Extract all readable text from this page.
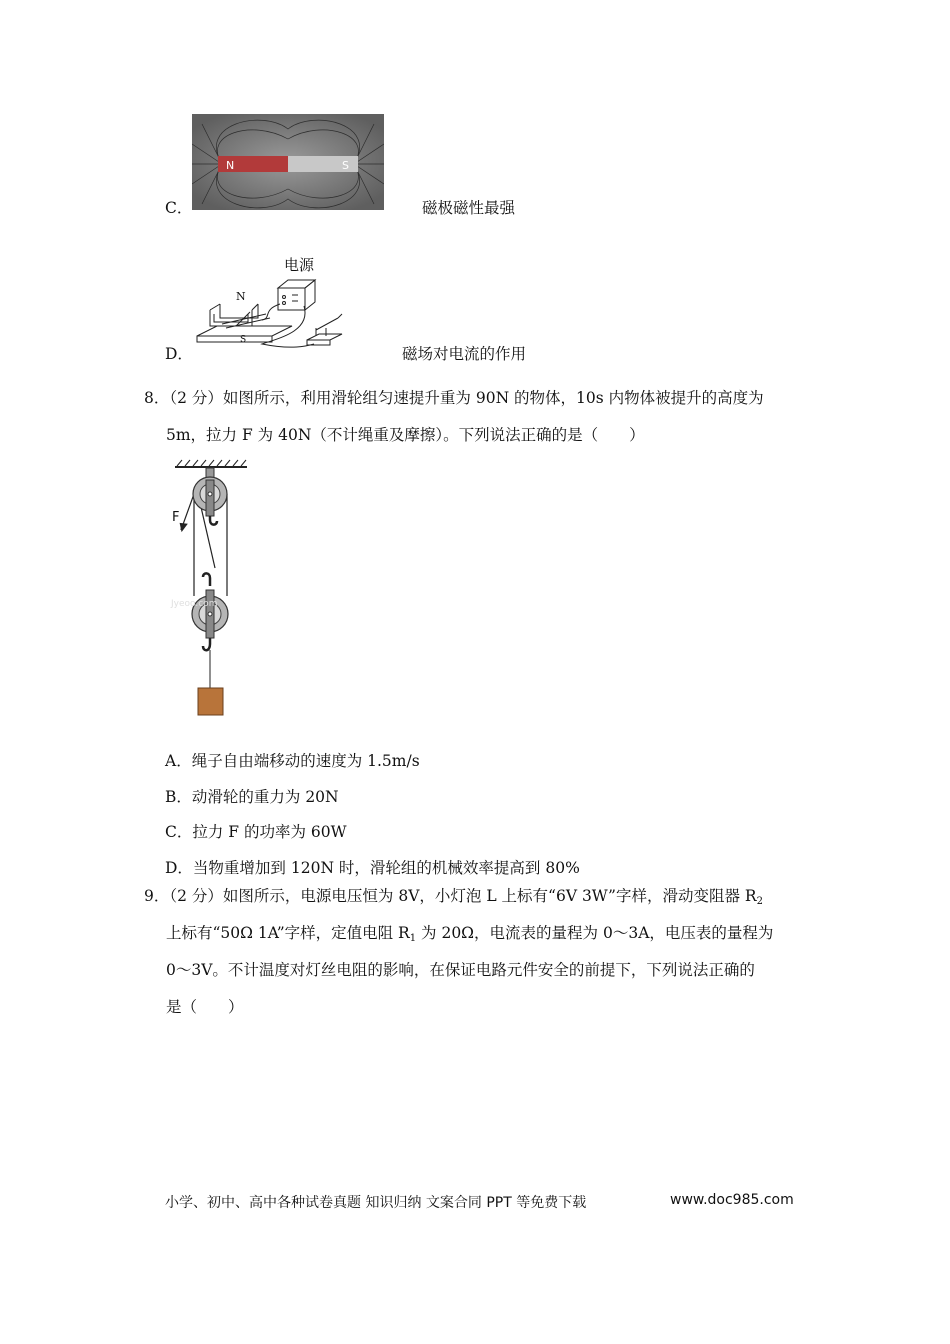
C．
N	S
磁极磁性最强
D．
电源
N
S
磁场对电流的作用
8．（2 分）如图所示，利用滑轮组匀速提升重为 90N 的物体，10s 内物体被提升的高度为
5m，拉力 F 为 40N（不计绳重及摩擦）。下列说法正确的是（　　）
F
Jyeoo.com
A．绳子自由端移动的速度为 1.5m/s
B．动滑轮的重力为 20N
C．拉力 F 的功率为 60W
D．当物重增加到 120N 时，滑轮组的机械效率提高到 80%
9．（2 分）如图所示，电源电压恒为 8V，小灯泡 L 上标有“6V 3W”字样，滑动变阻器 $R_2$
上标有“50Ω 1A”字样，定值电阻 $R_1$ 为 20Ω，电流表的量程为 0～3A，电压表的量程为
0～3V。不计温度对灯丝电阻的影响，在保证电路元件安全的前提下，下列说法正确的
是（　　）
小学、初中、高中各种试卷真题 知识归纳 文案合同 PPT 等免费下载	www.doc985.com
